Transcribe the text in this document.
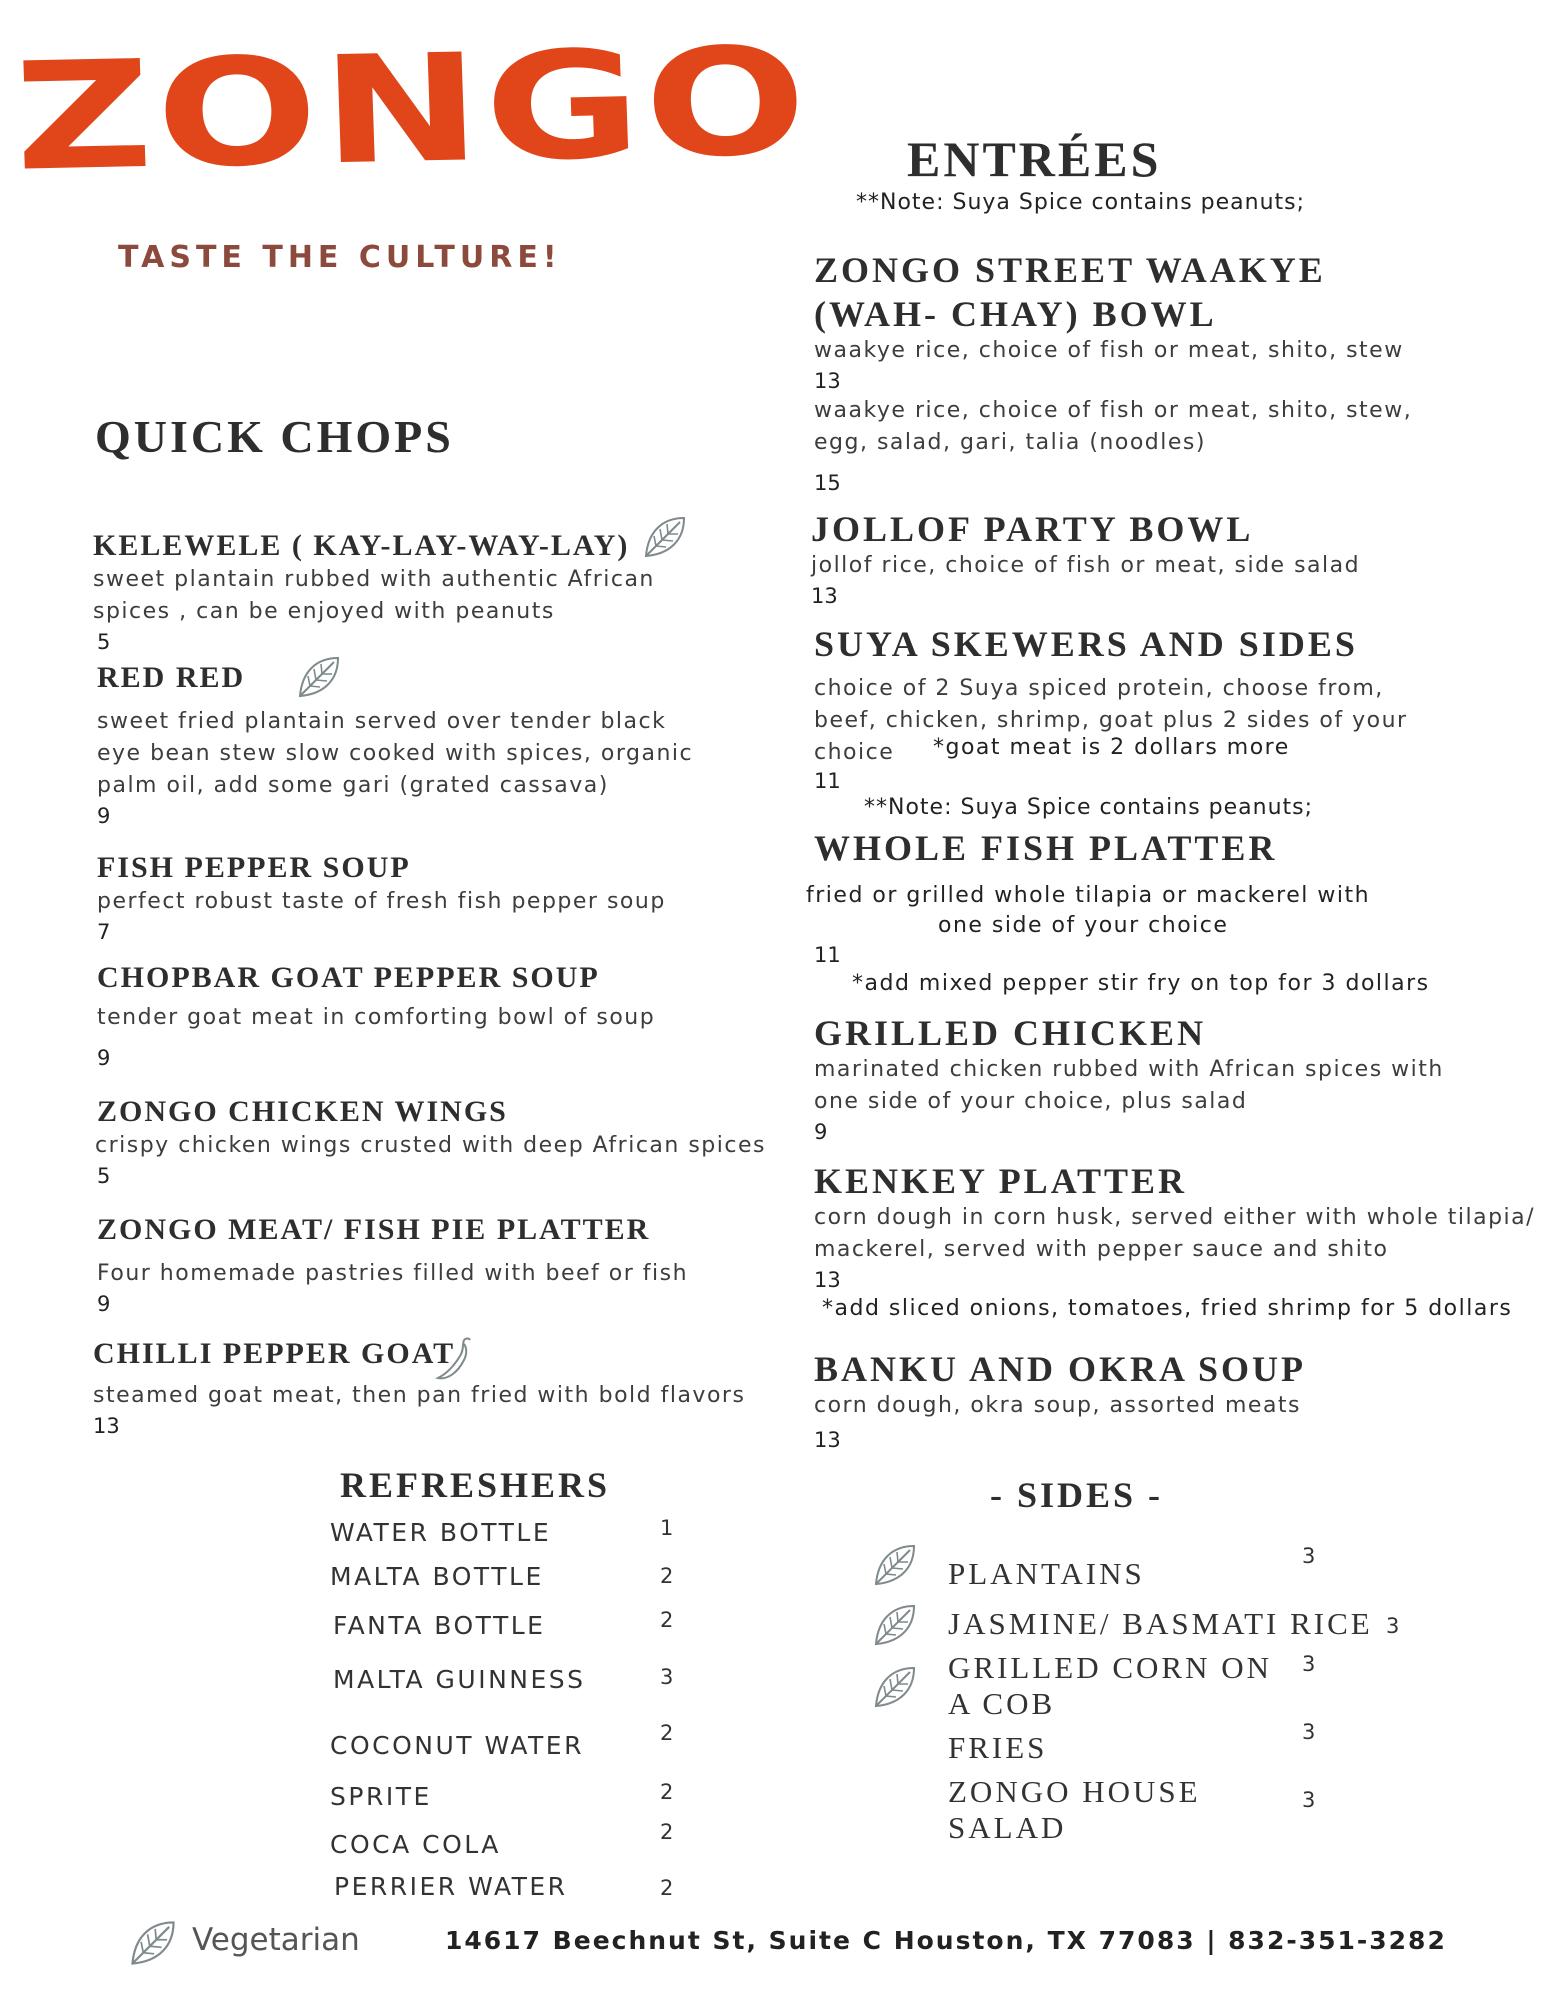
ZONGO
TASTE THE CULTURE!
QUICK CHOPS
KELEWELE ( KAY-LAY-WAY-LAY)

sweet plantain rubbed with authentic African spices , can be enjoyed with peanuts

5
RED RED

sweet fried plantain served over tender black eye bean stew slow cooked with spices, organic palm oil, add some gari (grated cassava)

9
FISH PEPPER SOUP

perfect robust taste of fresh fish pepper soup

7
CHOPBAR GOAT PEPPER SOUP

tender goat meat in comforting bowl of soup

9
ZONGO CHICKEN WINGS

crispy chicken wings crusted with deep African spices

5
ZONGO MEAT/ FISH PIE PLATTER

Four homemade pastries filled with beef or fish

9
CHILLI PEPPER GOAT

steamed goat meat, then pan fried with bold flavors

13
REFRESHERS
WATER BOTTLE	1
MALTA BOTTLE	2
FANTA BOTTLE	2
MALTA GUINNESS	3
COCONUT WATER	2
SPRITE	2
COCA COLA	2
PERRIER WATER	2
ENTRÉES
**Note: Suya Spice contains peanuts;
ZONGO STREET WAAKYE
(WAH- CHAY) BOWL

waakye rice, choice of fish or meat, shito, stew

13

waakye rice, choice of fish or meat, shito, stew, egg, salad, gari, talia (noodles)

15
JOLLOF PARTY BOWL

jollof rice, choice of fish or meat, side salad

13
SUYA SKEWERS AND SIDES

choice of 2 Suya spiced protein, choose from, beef, chicken, shrimp, goat plus 2 sides of your choice

11
*goat meat is 2 dollars more
**Note: Suya Spice contains peanuts;
WHOLE FISH PLATTER
fried or grilled whole tilapia or mackerel with
one side of your choice
11
*add mixed pepper stir fry on top for 3 dollars
GRILLED CHICKEN

marinated chicken rubbed with African spices with one side of your choice, plus salad

9
KENKEY PLATTER

corn dough in corn husk, served either with whole tilapia/ mackerel, served with pepper sauce and shito

13
*add sliced onions, tomatoes, fried shrimp for 5 dollars
BANKU AND OKRA SOUP

corn dough, okra soup, assorted meats

13
- SIDES -
PLANTAINS	3
JASMINE/ BASMATI RICE 3
GRILLED CORN ON
A COB
3
FRIES	3
ZONGO HOUSE
SALAD
3
Vegetarian	14617 Beechnut St, Suite C Houston, TX 77083 | 832-351-3282
